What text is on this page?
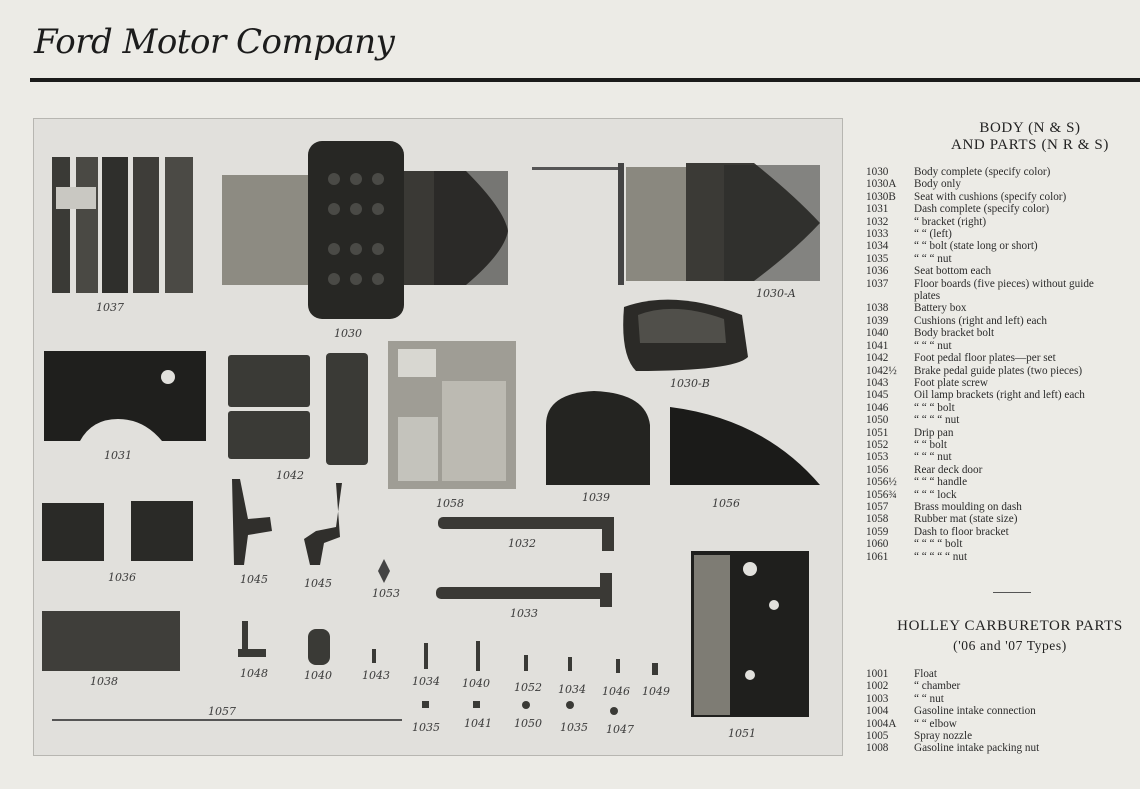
Ford Motor Company
1037
1030
1030-A
1030-B
1031
1042
1058	1039	1056
1036	1045	1045
1053
1032
1033
1038
1048	1040	1043 1034 1040 1052 1034 1046 1049
1057
1035 1041 1050 1035 1047	1051
BODY (N & S)
AND PARTS (N R & S)
1030	Body complete (specify color)
1030A	Body only
1030B	Seat with cushions (specify color)
1031	Dash complete (specify color)
1032	“ bracket (right)
1033	“ “ (left)
1034	“ “ bolt (state long or short)
1035	“ “ “ nut
1036	Seat bottom each
1037	Floor boards (five pieces) without guide
plates
1038	Battery box
1039	Cushions (right and left) each
1040	Body bracket bolt
1041	“ “ “ nut
1042	Foot pedal floor plates—per set
1042½	Brake pedal guide plates (two pieces)
1043	Foot plate screw
1045	Oil lamp brackets (right and left) each
1046	“ “ “ bolt
1050	“ “ “ “ nut
1051	Drip pan
1052	“ “ bolt
1053	“ “ “ nut
1056	Rear deck door
1056½	“ “ “ handle
1056¾	“ “ “ lock
1057	Brass moulding on dash
1058	Rubber mat (state size)
1059	Dash to floor bracket
1060	“ “ “ “ bolt
1061	“ “ “ “ “ nut
HOLLEY CARBURETOR PARTS
('06 and '07 Types)
1001	Float
1002	“ chamber
1003	“ “ nut
1004	Gasoline intake connection
1004A	“ “ elbow
1005	Spray nozzle
1008	Gasoline intake packing nut
